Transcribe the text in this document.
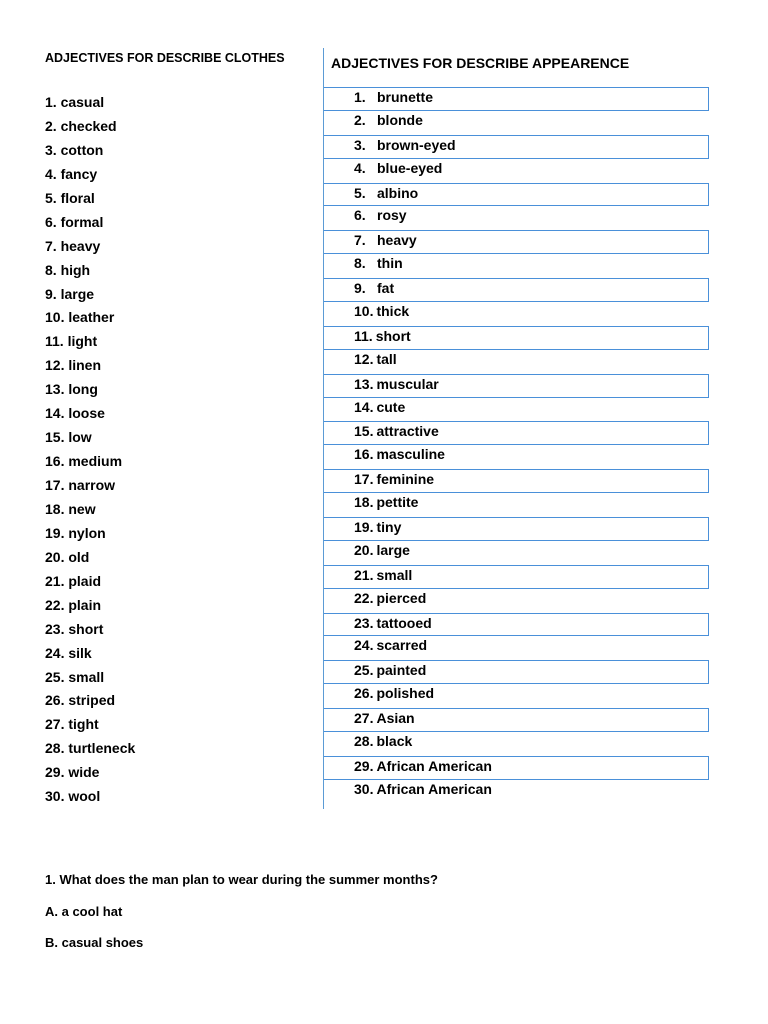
ADJECTIVES FOR DESCRIBE CLOTHES	ADJECTIVES FOR DESCRIBE APPEARENCE
1. casual
2. checked
3. cotton
4. fancy
5. floral
6. formal
7. heavy
8. high
9. large
10. leather
11. light
12. linen
13. long
14. loose
15. low
16. medium
17. narrow
18. new
19. nylon
20. old
21. plaid
22. plain
23. short
24. silk
25. small
26. striped
27. tight
28. turtleneck
29. wide
30. wool
1. brunette
2. blonde
3. brown-eyed
4. blue-eyed
5. albino
6. rosy
7. heavy
8. thin
9. fat
10. thick
11. short
12. tall
13. muscular
14. cute
15. attractive
16. masculine
17. feminine
18. pettite
19. tiny
20. large
21. small
22. pierced
23. tattooed
24. scarred
25. painted
26. polished
27. Asian
28. black
29. African American
30. African American
1. What does the man plan to wear during the summer months?
A. a cool hat
B. casual shoes
